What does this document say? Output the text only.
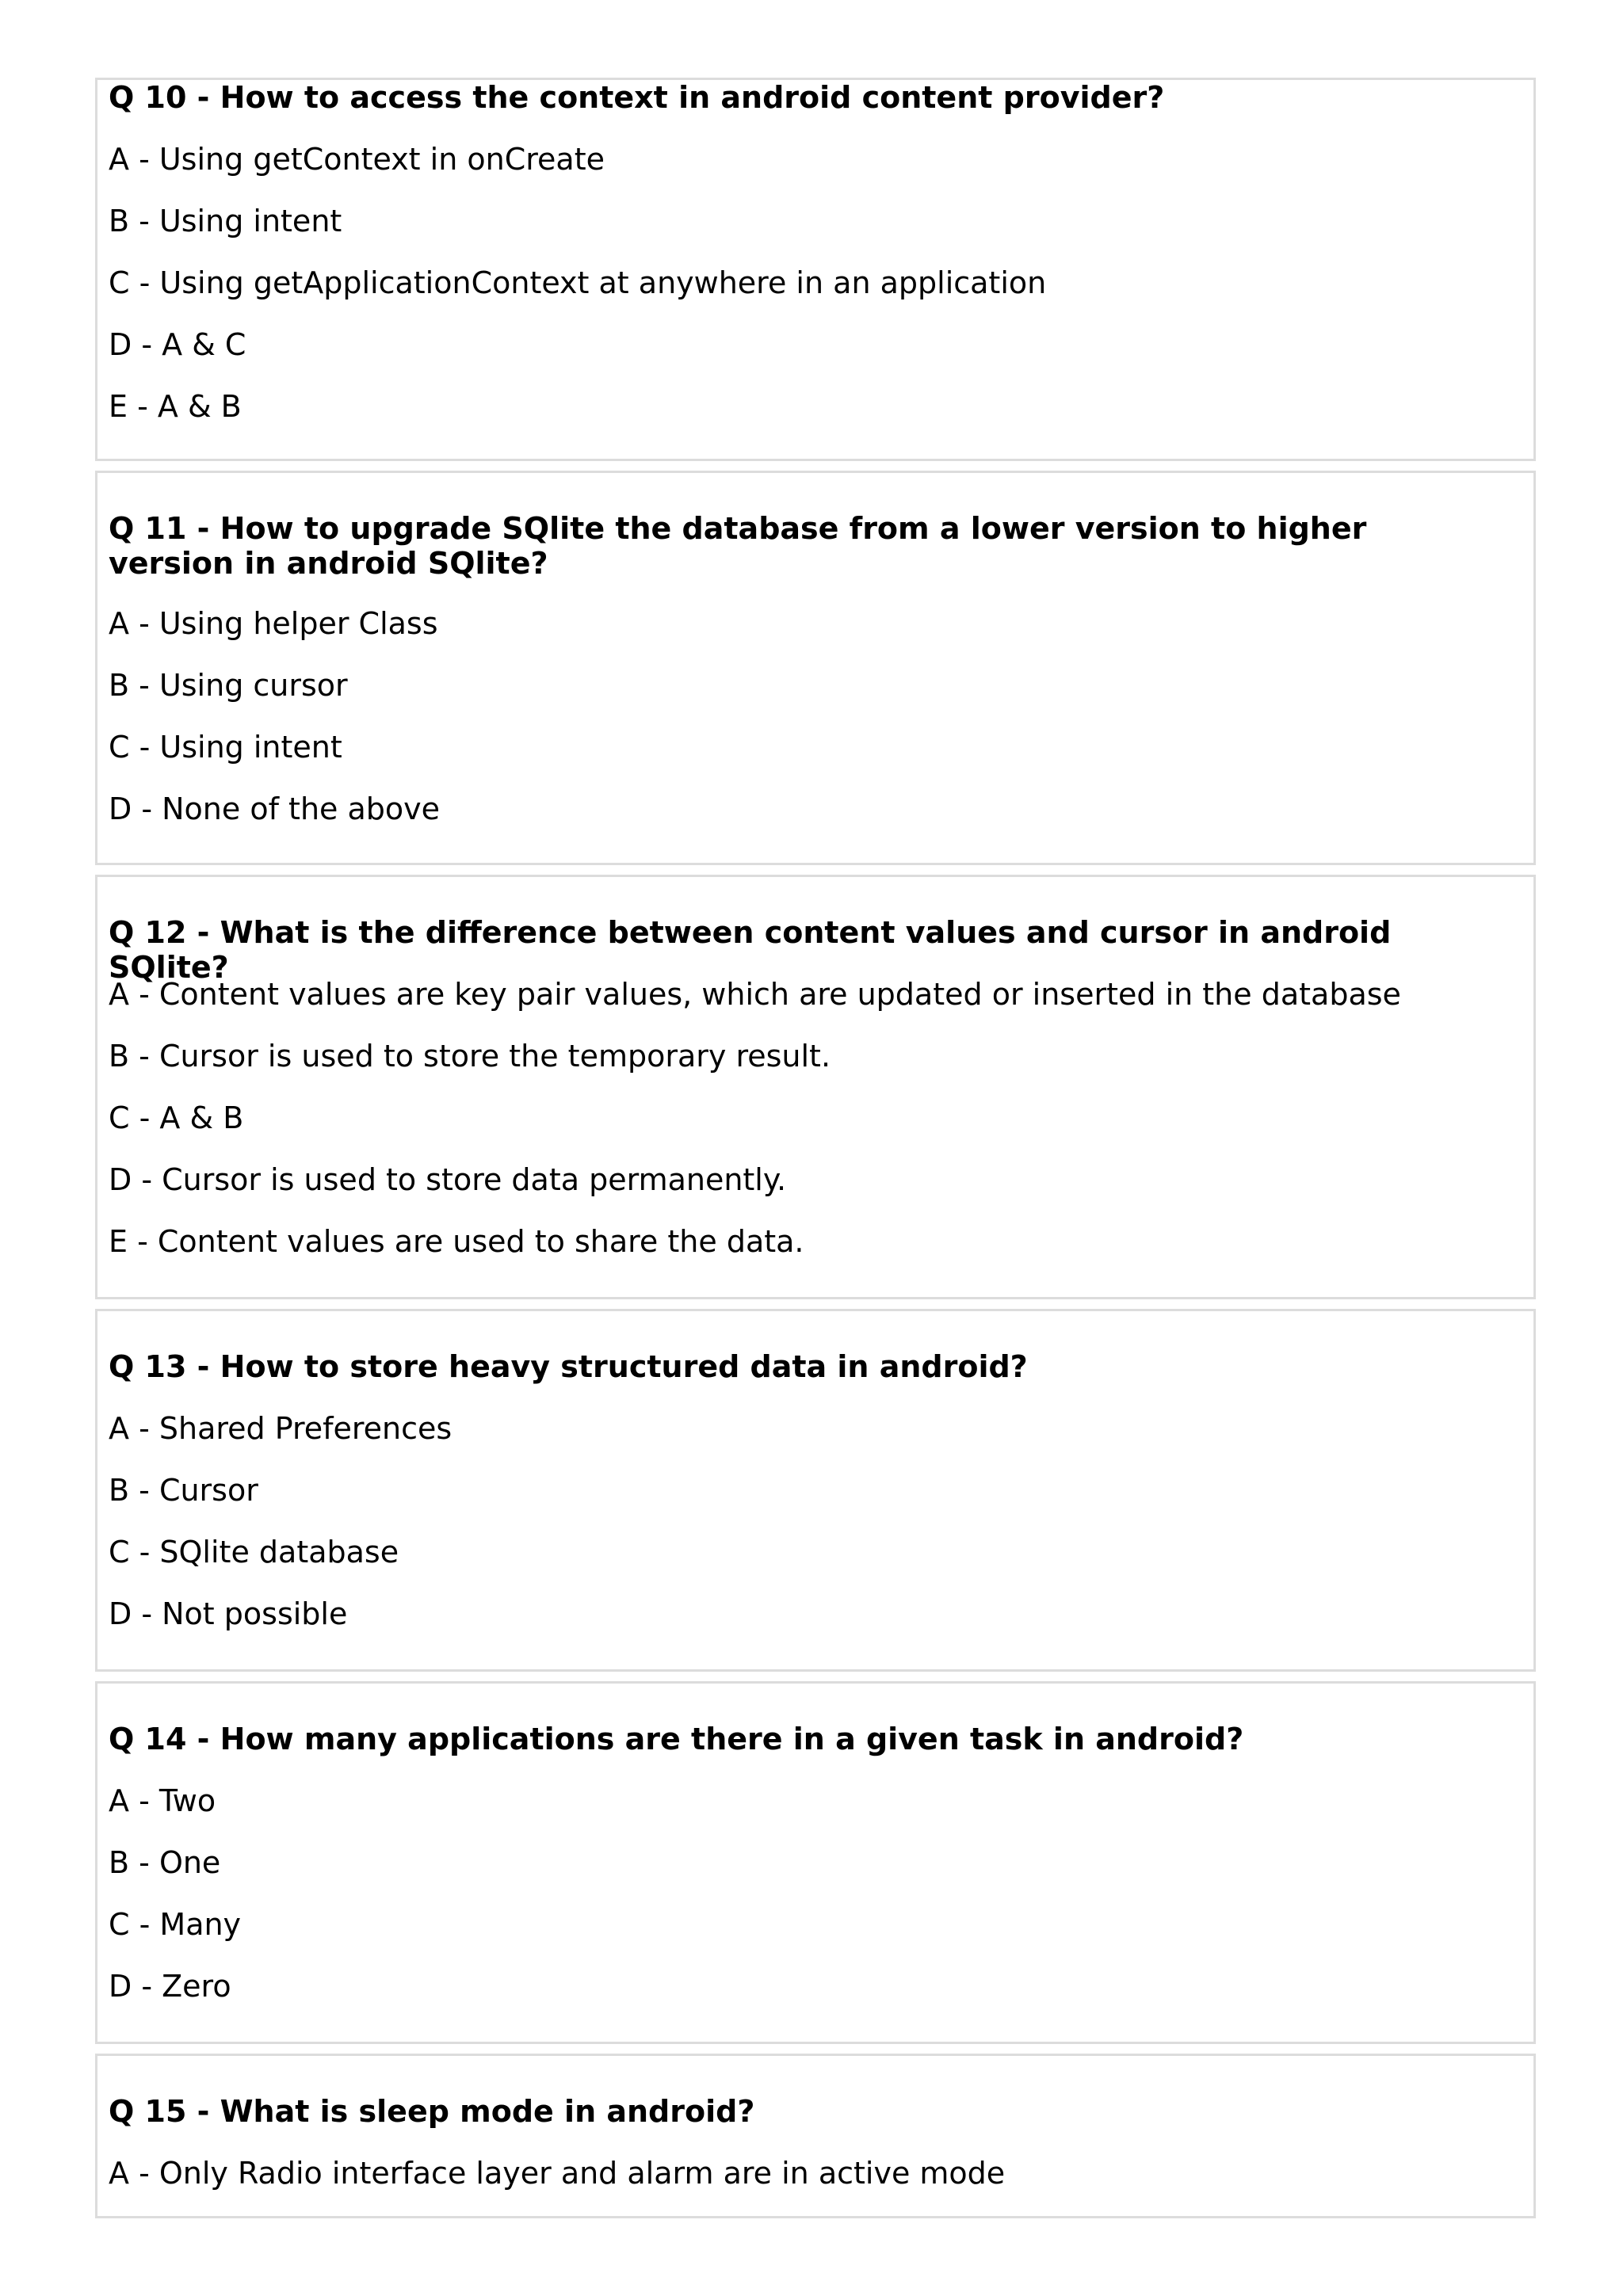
Q 10 - How to access the context in android content provider?

A - Using getContext in onCreate

B - Using intent

C - Using getApplicationContext at anywhere in an application

D - A & C

E - A & B

Q 11 - How to upgrade SQlite the database from a lower version to higher version in android SQlite?

A - Using helper Class

B - Using cursor

C - Using intent

D - None of the above

Q 12 - What is the difference between content values and cursor in android SQlite?

A - Content values are key pair values, which are updated or inserted in the database

B - Cursor is used to store the temporary result.

C - A & B

D - Cursor is used to store data permanently.

E - Content values are used to share the data.

Q 13 - How to store heavy structured data in android?

A - Shared Preferences

B - Cursor

C - SQlite database

D - Not possible

Q 14 - How many applications are there in a given task in android?

A - Two

B - One

C - Many

D - Zero

Q 15 - What is sleep mode in android?

A - Only Radio interface layer and alarm are in active mode
